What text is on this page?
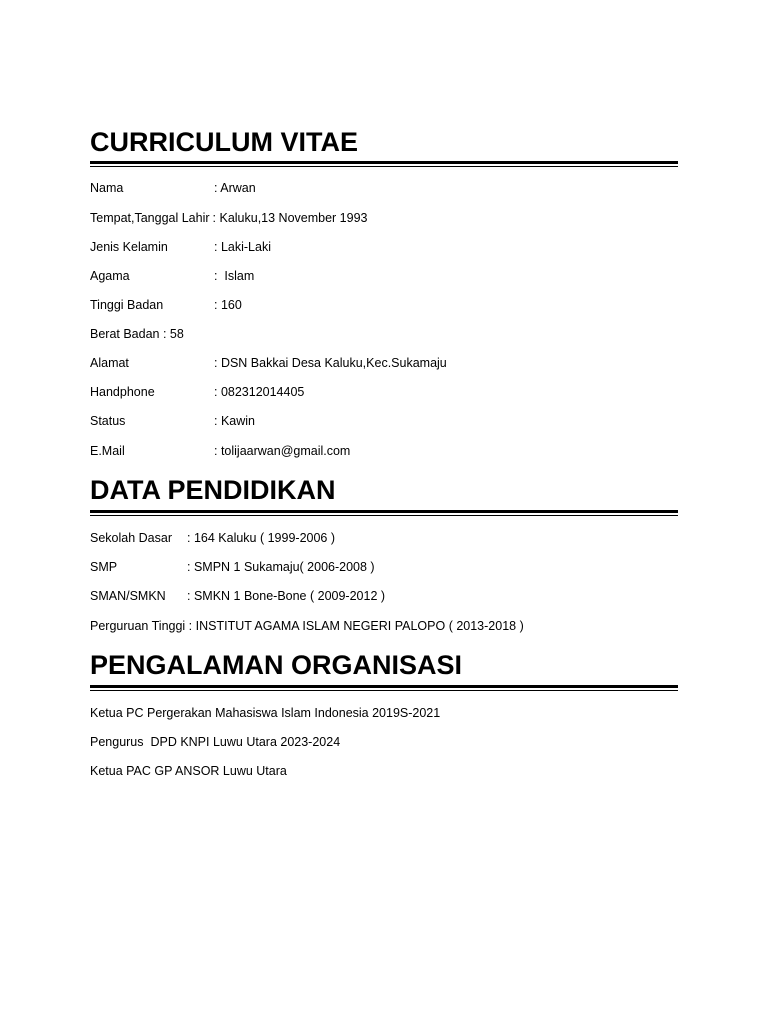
CURRICULUM VITAE
Nama	: Arwan
Tempat,Tanggal Lahir : Kaluku,13 November 1993
Jenis Kelamin	: Laki-Laki
Agama	:  Islam
Tinggi Badan	: 160
Berat Badan : 58
Alamat	: DSN Bakkai Desa Kaluku,Kec.Sukamaju
Handphone	: 082312014405
Status	: Kawin
E.Mail	: tolijaarwan@gmail.com
DATA PENDIDIKAN
Sekolah Dasar : 164 Kaluku ( 1999-2006 )
SMP	: SMPN 1 Sukamaju( 2006-2008 )
SMAN/SMKN : SMKN 1 Bone-Bone ( 2009-2012 )
Perguruan Tinggi : INSTITUT AGAMA ISLAM NEGERI PALOPO ( 2013-2018 )
PENGALAMAN ORGANISASI
Ketua PC Pergerakan Mahasiswa Islam Indonesia 2019S-2021
Pengurus  DPD KNPI Luwu Utara 2023-2024
Ketua PAC GP ANSOR Luwu Utara
